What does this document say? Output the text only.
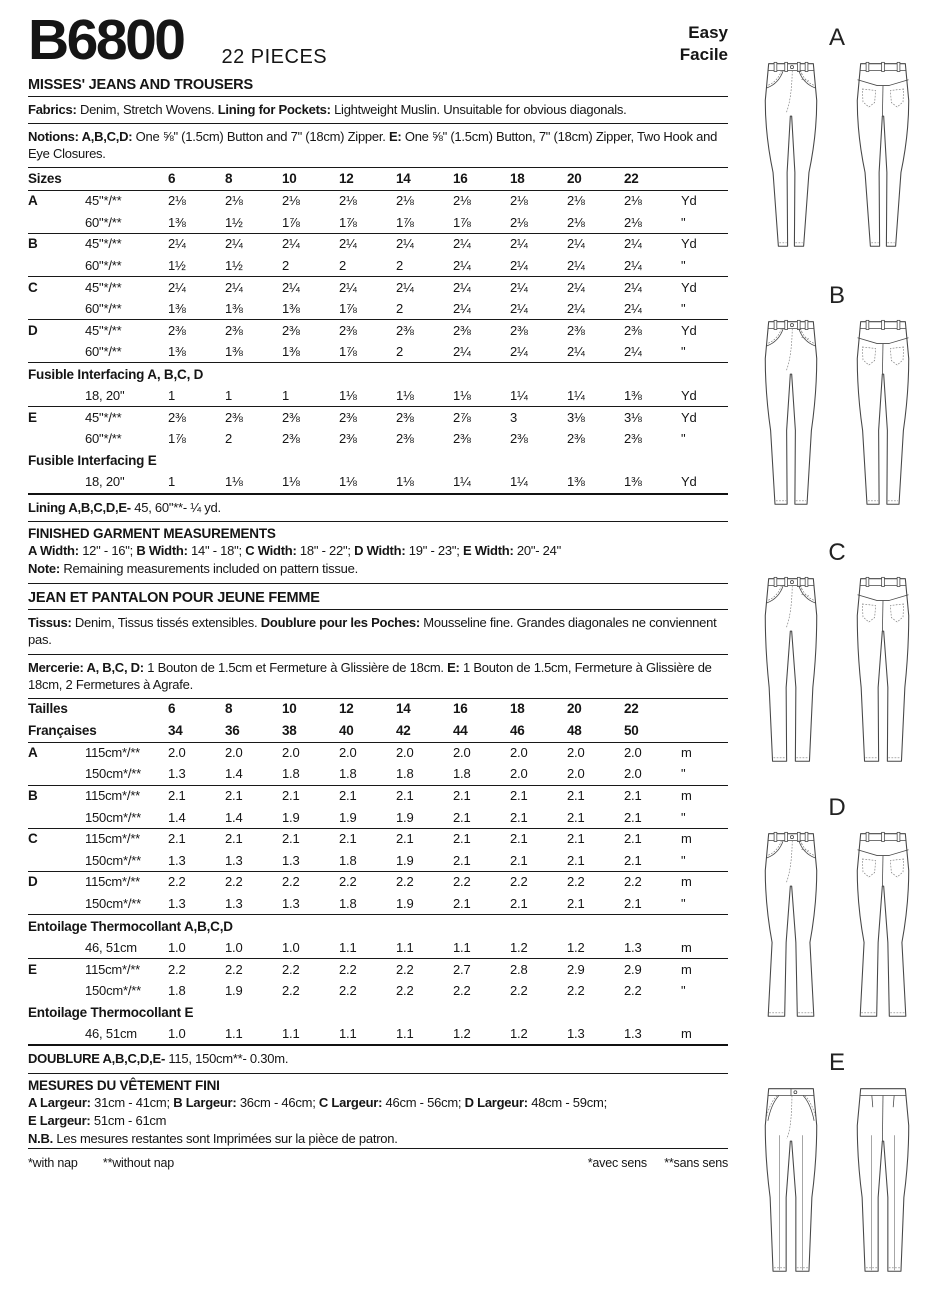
B6800 22 PIECES
Easy
Facile
MISSES' JEANS AND TROUSERS

Fabrics: Denim, Stretch Wovens. Lining for Pockets: Lightweight Muslin. Unsuitable for obvious diagonals.

Notions: A,B,C,D: One ⅝" (1.5cm) Button and 7" (18cm) Zipper. E: One ⅝" (1.5cm) Button, 7" (18cm) Zipper, Two Hook and Eye Closures.

Sizes		6	8	10	12	14	16	18	20	22	
A	45"*/**	2⅛	2⅛	2⅛	2⅛	2⅛	2⅛	2⅛	2⅛	2⅛	Yd
	60"*/**	1⅜	1½	1⅞	1⅞	1⅞	1⅞	2⅛	2⅛	2⅛	"
B	45"*/**	2¼	2¼	2¼	2¼	2¼	2¼	2¼	2¼	2¼	Yd
	60"*/**	1½	1½	2	2	2	2¼	2¼	2¼	2¼	"
C	45"*/**	2¼	2¼	2¼	2¼	2¼	2¼	2¼	2¼	2¼	Yd
	60"*/**	1⅜	1⅜	1⅜	1⅞	2	2¼	2¼	2¼	2¼	"
D	45"*/**	2⅜	2⅜	2⅜	2⅜	2⅜	2⅜	2⅜	2⅜	2⅜	Yd
	60"*/**	1⅜	1⅜	1⅜	1⅞	2	2¼	2¼	2¼	2¼	"
Fusible Interfacing A, B,C, D											
	18, 20"	1	1	1	1⅛	1⅛	1⅛	1¼	1¼	1⅜	Yd
E	45"*/**	2⅜	2⅜	2⅜	2⅜	2⅜	2⅞	3	3⅛	3⅛	Yd
	60"*/**	1⅞	2	2⅜	2⅜	2⅜	2⅜	2⅜	2⅜	2⅜	"
Fusible Interfacing E											
	18, 20"	1	1⅛	1⅛	1⅛	1⅛	1¼	1¼	1⅜	1⅜	Yd

Lining A,B,C,D,E- 45, 60"**- ¼ yd.

FINISHED GARMENT MEASUREMENTS

A Width: 12" - 16"; B Width: 14" - 18"; C Width: 18" - 22"; D Width: 19" - 23"; E Width: 20"- 24"

Note: Remaining measurements included on pattern tissue.

JEAN ET PANTALON POUR JEUNE FEMME

Tissus: Denim, Tissus tissés extensibles. Doublure pour les Poches: Mousseline fine. Grandes diagonales ne conviennent pas.

Mercerie: A, B,C, D: 1 Bouton de 1.5cm et Fermeture à Glissière de 18cm. E: 1 Bouton de 1.5cm, Fermeture à Glissière de 18cm, 2 Fermetures à Agrafe.

Tailles		6	8	10	12	14	16	18	20	22	
Françaises		34	36	38	40	42	44	46	48	50	
A	115cm*/**	2.0	2.0	2.0	2.0	2.0	2.0	2.0	2.0	2.0	m
	150cm*/**	1.3	1.4	1.8	1.8	1.8	1.8	2.0	2.0	2.0	"
B	115cm*/**	2.1	2.1	2.1	2.1	2.1	2.1	2.1	2.1	2.1	m
	150cm*/**	1.4	1.4	1.9	1.9	1.9	2.1	2.1	2.1	2.1	"
C	115cm*/**	2.1	2.1	2.1	2.1	2.1	2.1	2.1	2.1	2.1	m
	150cm*/**	1.3	1.3	1.3	1.8	1.9	2.1	2.1	2.1	2.1	"
D	115cm*/**	2.2	2.2	2.2	2.2	2.2	2.2	2.2	2.2	2.2	m
	150cm*/**	1.3	1.3	1.3	1.8	1.9	2.1	2.1	2.1	2.1	"
Entoilage Thermocollant A,B,C,D											
	46, 51cm	1.0	1.0	1.0	1.1	1.1	1.1	1.2	1.2	1.3	m
E	115cm*/**	2.2	2.2	2.2	2.2	2.2	2.7	2.8	2.9	2.9	m
	150cm*/**	1.8	1.9	2.2	2.2	2.2	2.2	2.2	2.2	2.2	"
Entoilage Thermocollant E											
	46, 51cm	1.0	1.1	1.1	1.1	1.1	1.2	1.2	1.3	1.3	m

DOUBLURE A,B,C,D,E- 115, 150cm**- 0.30m.

MESURES DU VÊTEMENT FINI

A Largeur: 31cm - 41cm; B Largeur: 36cm - 46cm; C Largeur: 46cm - 56cm; D Largeur: 48cm - 59cm;

E Largeur: 51cm - 61cm

N.B. Les mesures restantes sont Imprimées sur la pièce de patron.

*with nap **without nap	*avec sens **sans sens
A
B
C
D
E
